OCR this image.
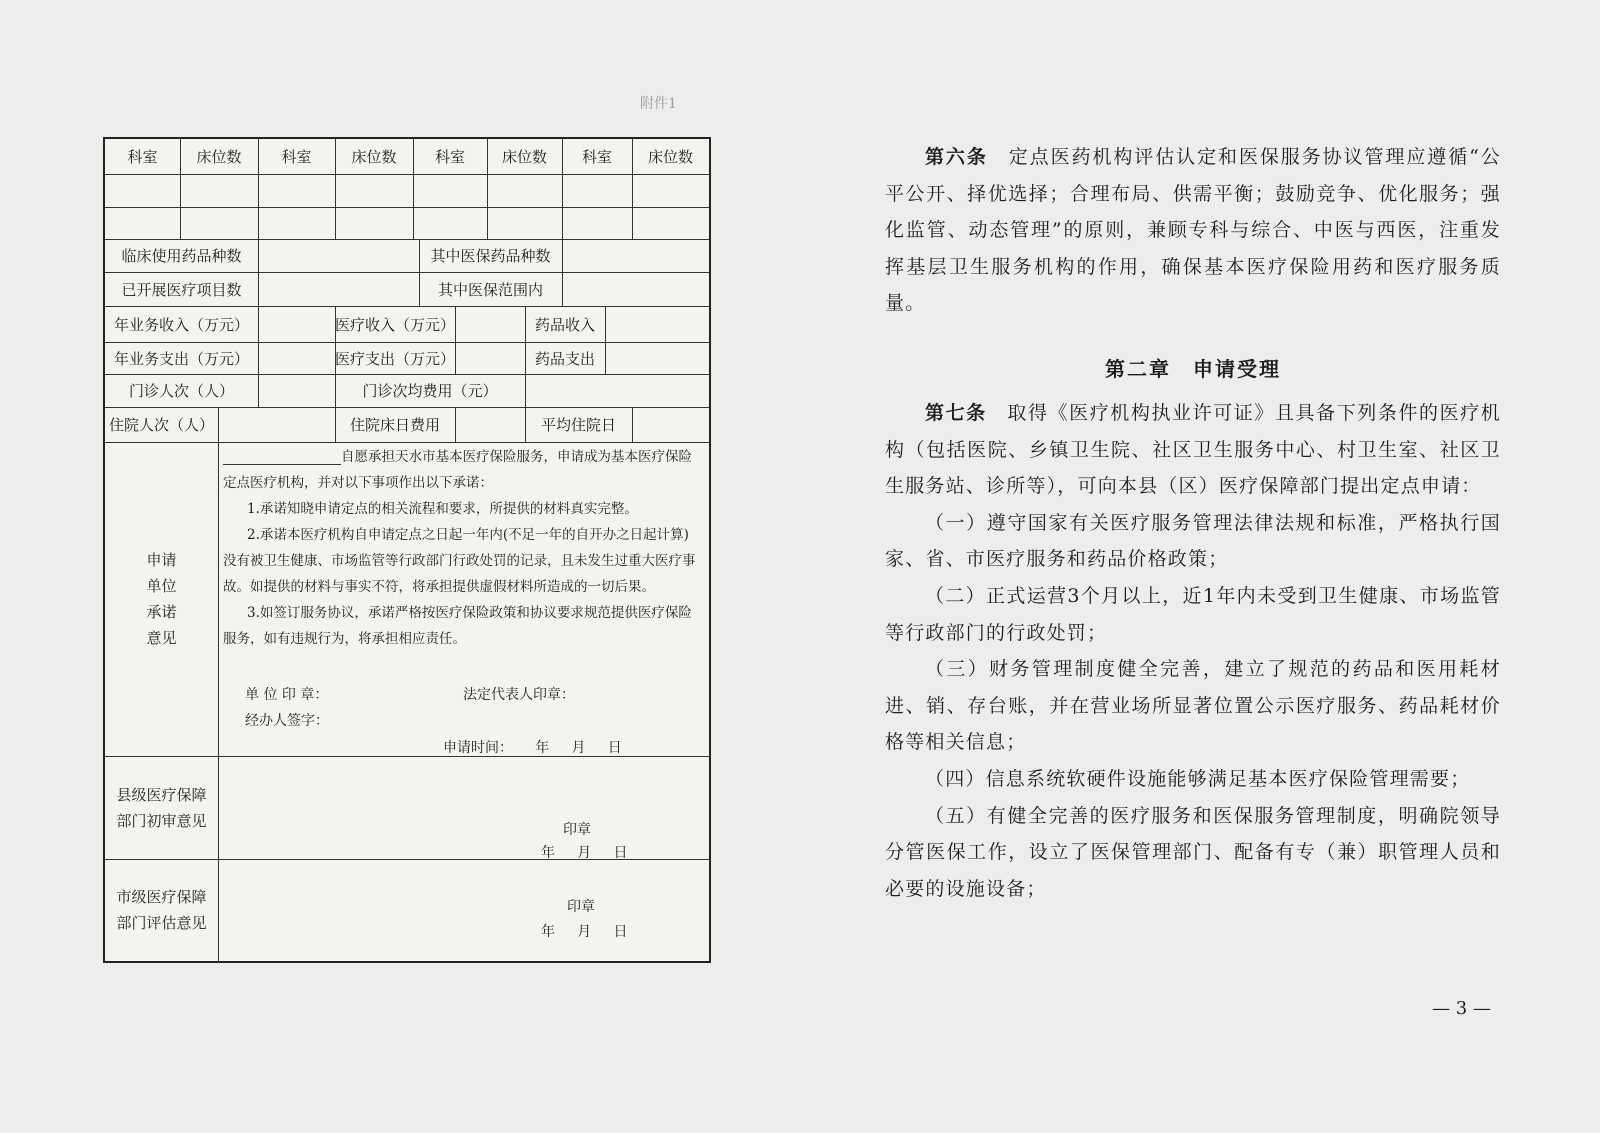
附件1
科室	床位数	科室	床位数	科室	床位数	科室	床位数
临床使用药品种数	其中医保药品种数
已开展医疗项目数	其中医保范围内
年业务收入（万元）	医疗收入（万元）	药品收入
年业务支出（万元）	医疗支出（万元）	药品支出
门诊人次（人）	门诊次均费用（元）
住院人次（人）	住院床日费用	平均住院日
申请
单位
承诺
意见

自愿承担天水市基本医疗保险服务，申请成为基本医疗保险定点医疗机构，并对以下事项作出以下承诺：

1.承诺知晓申请定点的相关流程和要求，所提供的材料真实完整。

2.承诺本医疗机构自申请定点之日起一年内(不足一年的自开办之日起计算)没有被卫生健康、市场监管等行政部门行政处罚的记录，且未发生过重大医疗事故。如提供的材料与事实不符，将承担提供虚假材料所造成的一切后果。

3.如签订服务协议，承诺严格按医疗保险政策和协议要求规范提供医疗保险服务，如有违规行为，将承担相应责任。

单 位 印 章：	法定代表人印章：
经办人签字：
申请时间：     年     月     日
县级医疗保障
部门初审意见
印章
年     月     日
市级医疗保障
部门评估意见
印章
年     月     日

第六条　 定点医药机构评估认定和医保服务协议管理应遵循“公平公开、择优选择；合理布局、供需平衡；鼓励竞争、优化服务；强化监管、动态管理”的原则，兼顾专科与综合、中医与西医，注重发挥基层卫生服务机构的作用，确保基本医疗保险用药和医疗服务质量。

第二章　申请受理

第七条　 取得《医疗机构执业许可证》且具备下列条件的医疗机构（包括医院、乡镇卫生院、社区卫生服务中心、村卫生室、社区卫生服务站、诊所等），可向本县（区）医疗保障部门提出定点申请：

（一）遵守国家有关医疗服务管理法律法规和标准，严格执行国家、省、市医疗服务和药品价格政策；

（二）正式运营3个月以上，近1年内未受到卫生健康、市场监管等行政部门的行政处罚；

（三）财务管理制度健全完善，建立了规范的药品和医用耗材进、销、存台账，并在营业场所显著位置公示医疗服务、药品耗材价格等相关信息；

（四）信息系统软硬件设施能够满足基本医疗保险管理需要；

（五）有健全完善的医疗服务和医保服务管理制度，明确院领导分管医保工作，设立了医保管理部门、配备有专（兼）职管理人员和必要的设施设备；

— 3 —
